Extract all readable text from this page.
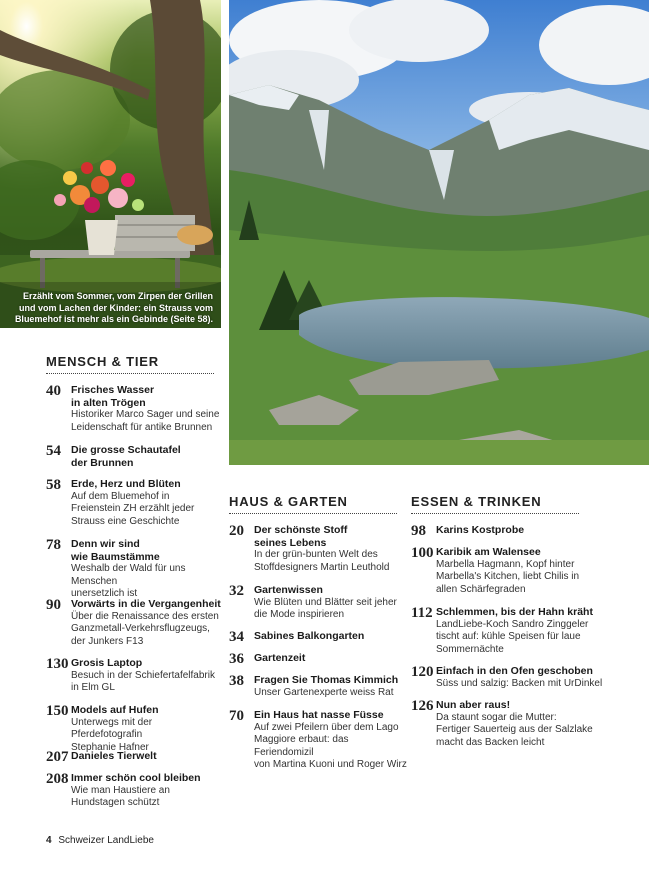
Erzählt vom Sommer, vom Zirpen der Grillen und vom Lachen der Kinder: ein Strauss vom Bluemehof ist mehr als ein Gebinde (Seite 58).
MENSCH & TIER
40 Frisches Wasser
in alten Trögen
Historiker Marco Sager und seine
Leidenschaft für antike Brunnen
54 Die grosse Schautafel
der Brunnen
58 Erde, Herz und Blüten
Auf dem Bluemehof in
Freienstein ZH erzählt jeder
Strauss eine Geschichte
78 Denn wir sind
wie Baumstämme
Weshalb der Wald für uns Menschen
unersetzlich ist
90 Vorwärts in die Vergangenheit
Über die Renaissance des ersten
Ganzmetall-Verkehrsflugzeugs,
der Junkers F13
130 Grosis Laptop
Besuch in der Schiefertafelfabrik
in Elm GL
150 Models auf Hufen
Unterwegs mit der Pferdefotografin
Stephanie Hafner
207 Danieles Tierwelt
208 Immer schön cool bleiben
Wie man Haustiere an
Hundstagen schützt
HAUS & GARTEN
20 Der schönste Stoff
seines Lebens
In der grün-bunten Welt des
Stoffdesigners Martin Leuthold
32 Gartenwissen
Wie Blüten und Blätter seit jeher
die Mode inspirieren
34 Sabines Balkongarten
36 Gartenzeit
38 Fragen Sie Thomas Kimmich
Unser Gartenexperte weiss Rat
70 Ein Haus hat nasse Füsse
Auf zwei Pfeilern über dem Lago
Maggiore erbaut: das Feriendomizil
von Martina Kuoni und Roger Wirz
ESSEN & TRINKEN
98 Karins Kostprobe
100 Karibik am Walensee
Marbella Hagmann, Kopf hinter
Marbella's Kitchen, liebt Chilis in
allen Schärfegraden
112 Schlemmen, bis der Hahn kräht
LandLiebe-Koch Sandro Zinggeler
tischt auf: kühle Speisen für laue
Sommernächte
120 Einfach in den Ofen geschoben
Süss und salzig: Backen mit UrDinkel
126 Nun aber raus!
Da staunt sogar die Mutter:
Fertiger Sauerteig aus der Salzlake
macht das Backen leicht
4 Schweizer LandLiebe
